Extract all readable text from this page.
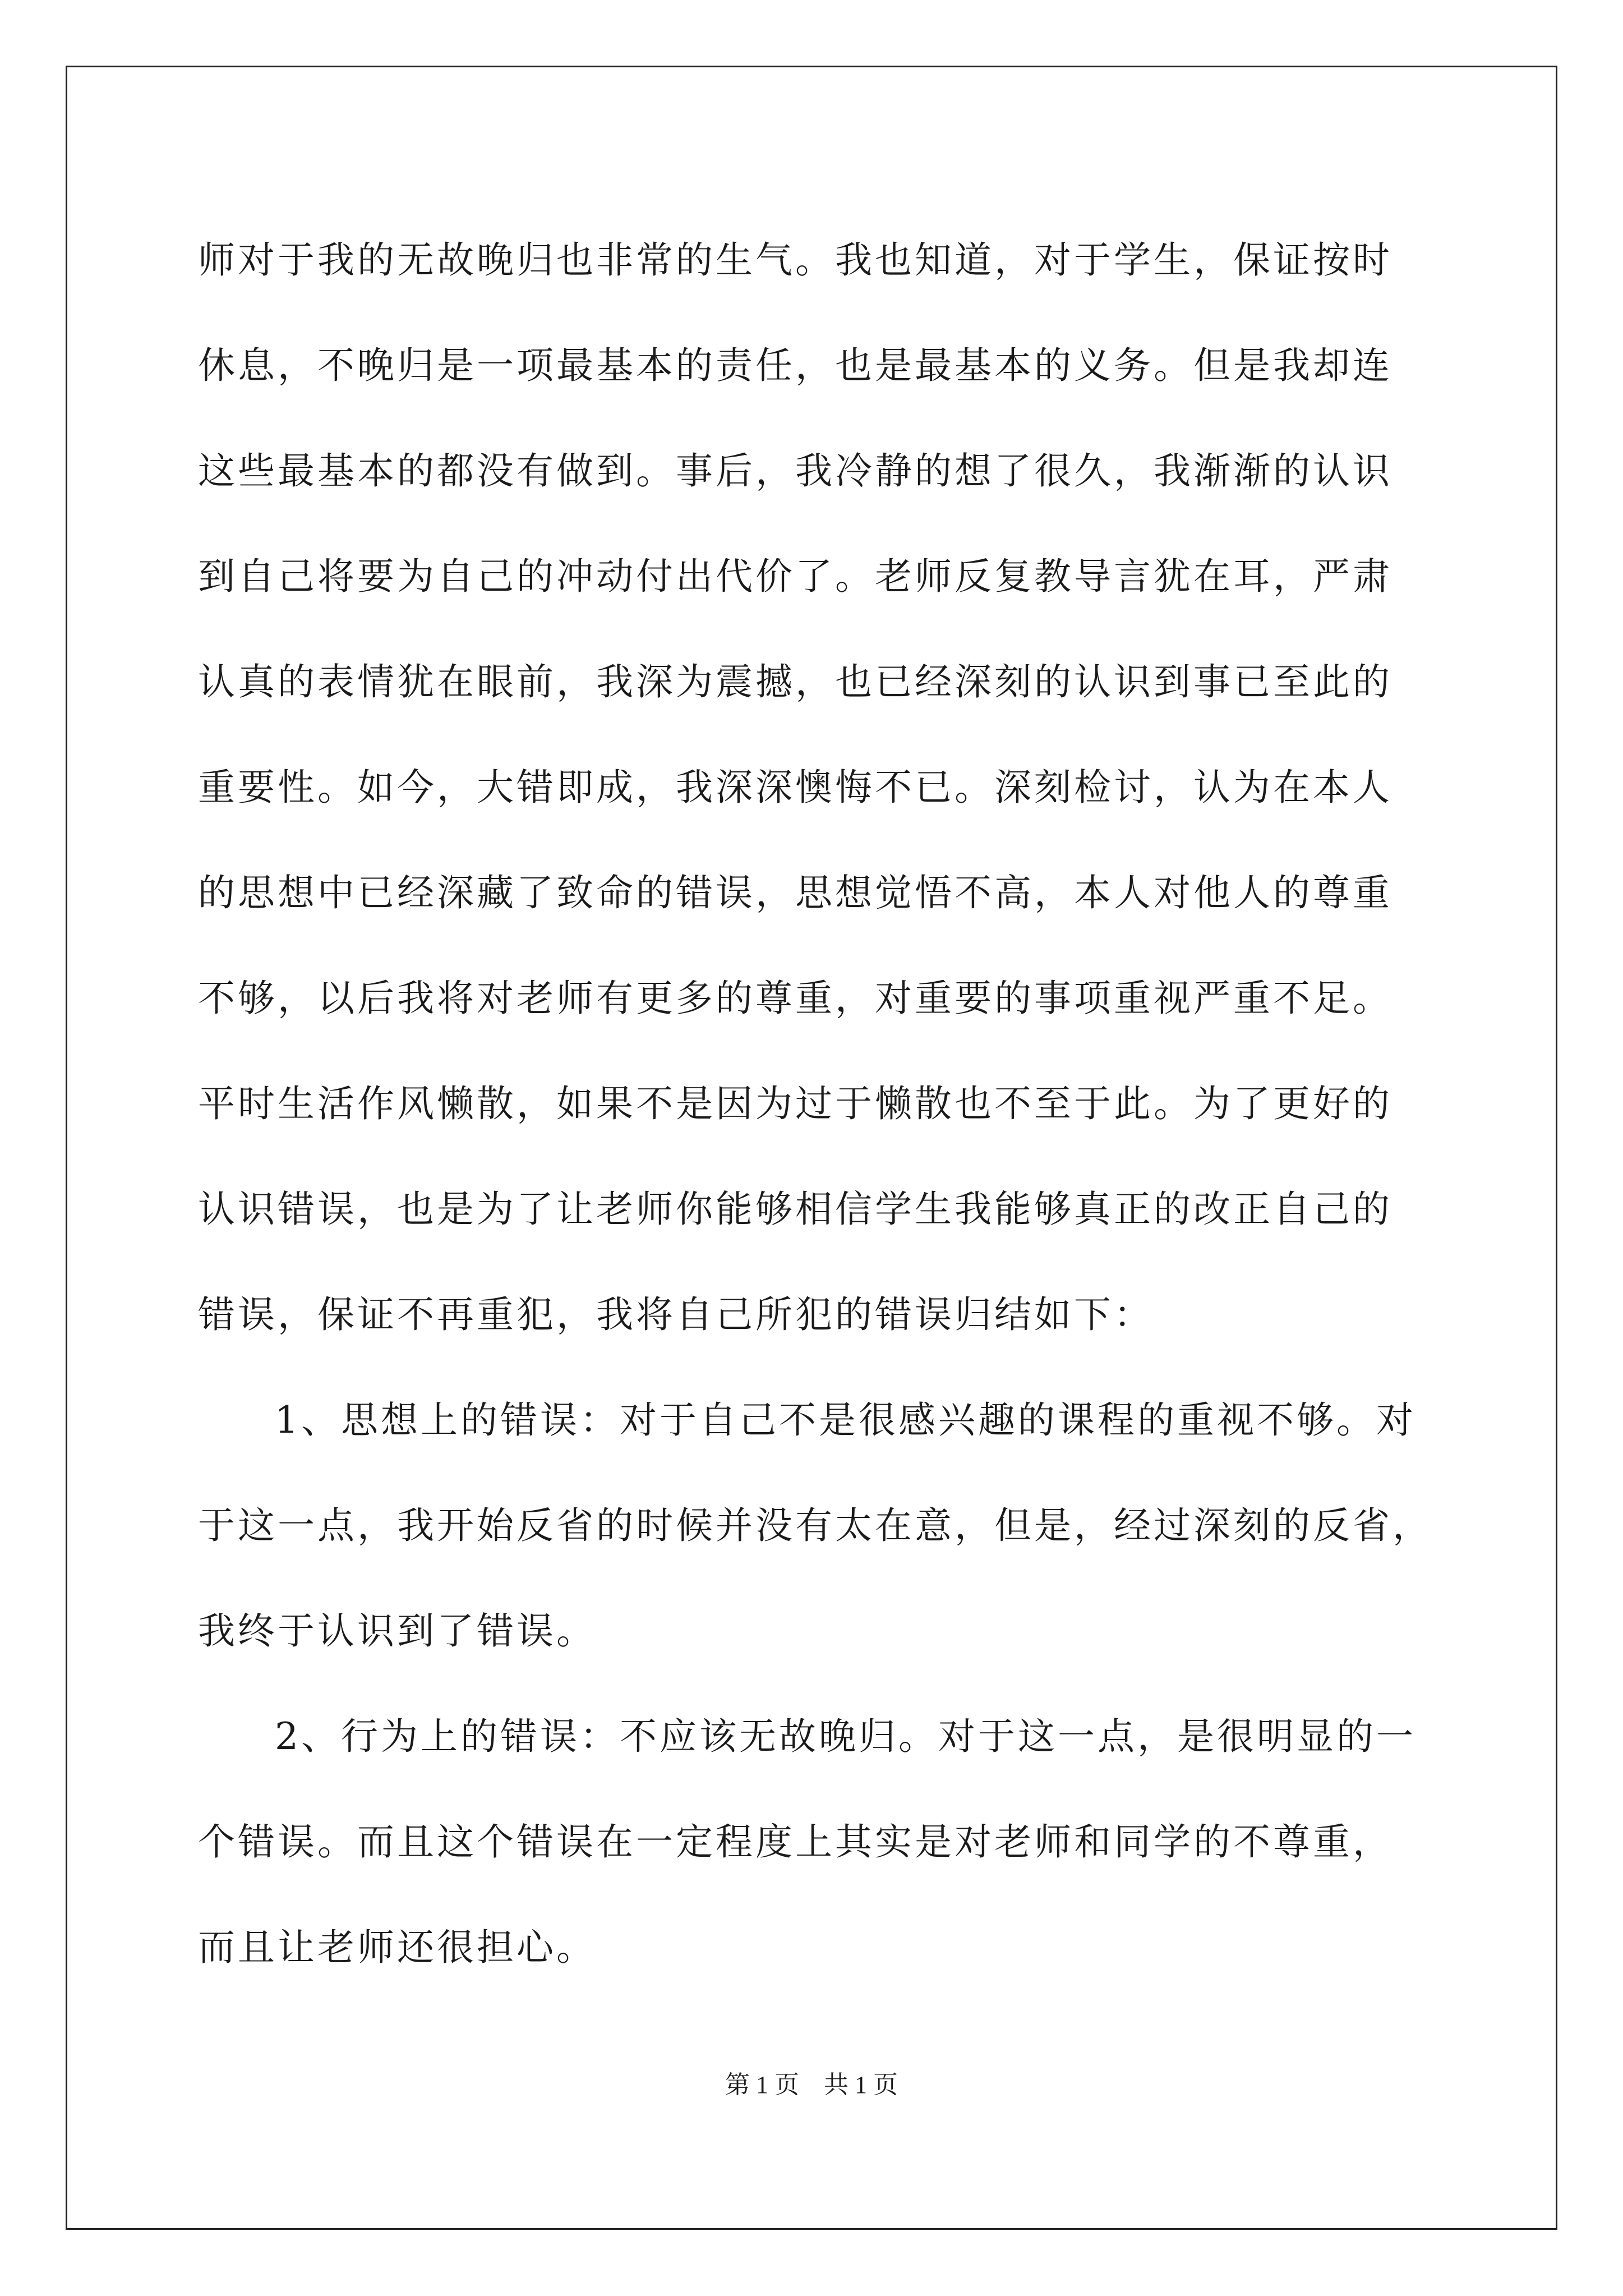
师对于我的无故晚归也非常的生气。我也知道，对于学生，保证按时
休息，不晚归是一项最基本的责任，也是最基本的义务。但是我却连
这些最基本的都没有做到。事后，我冷静的想了很久，我渐渐的认识
到自己将要为自己的冲动付出代价了。老师反复教导言犹在耳，严肃
认真的表情犹在眼前，我深为震撼，也已经深刻的认识到事已至此的
重要性。如今，大错即成，我深深懊悔不已。深刻检讨，认为在本人
的思想中已经深藏了致命的错误，思想觉悟不高，本人对他人的尊重
不够，以后我将对老师有更多的尊重，对重要的事项重视严重不足。
平时生活作风懒散，如果不是因为过于懒散也不至于此。为了更好的
认识错误，也是为了让老师你能够相信学生我能够真正的改正自己的
错误，保证不再重犯，我将自己所犯的错误归结如下：
1、思想上的错误：对于自己不是很感兴趣的课程的重视不够。对
于这一点，我开始反省的时候并没有太在意，但是，经过深刻的反省，
我终于认识到了错误。
2、行为上的错误：不应该无故晚归。对于这一点，是很明显的一
个错误。而且这个错误在一定程度上其实是对老师和同学的不尊重，
而且让老师还很担心。
第 1 页　共 1 页
